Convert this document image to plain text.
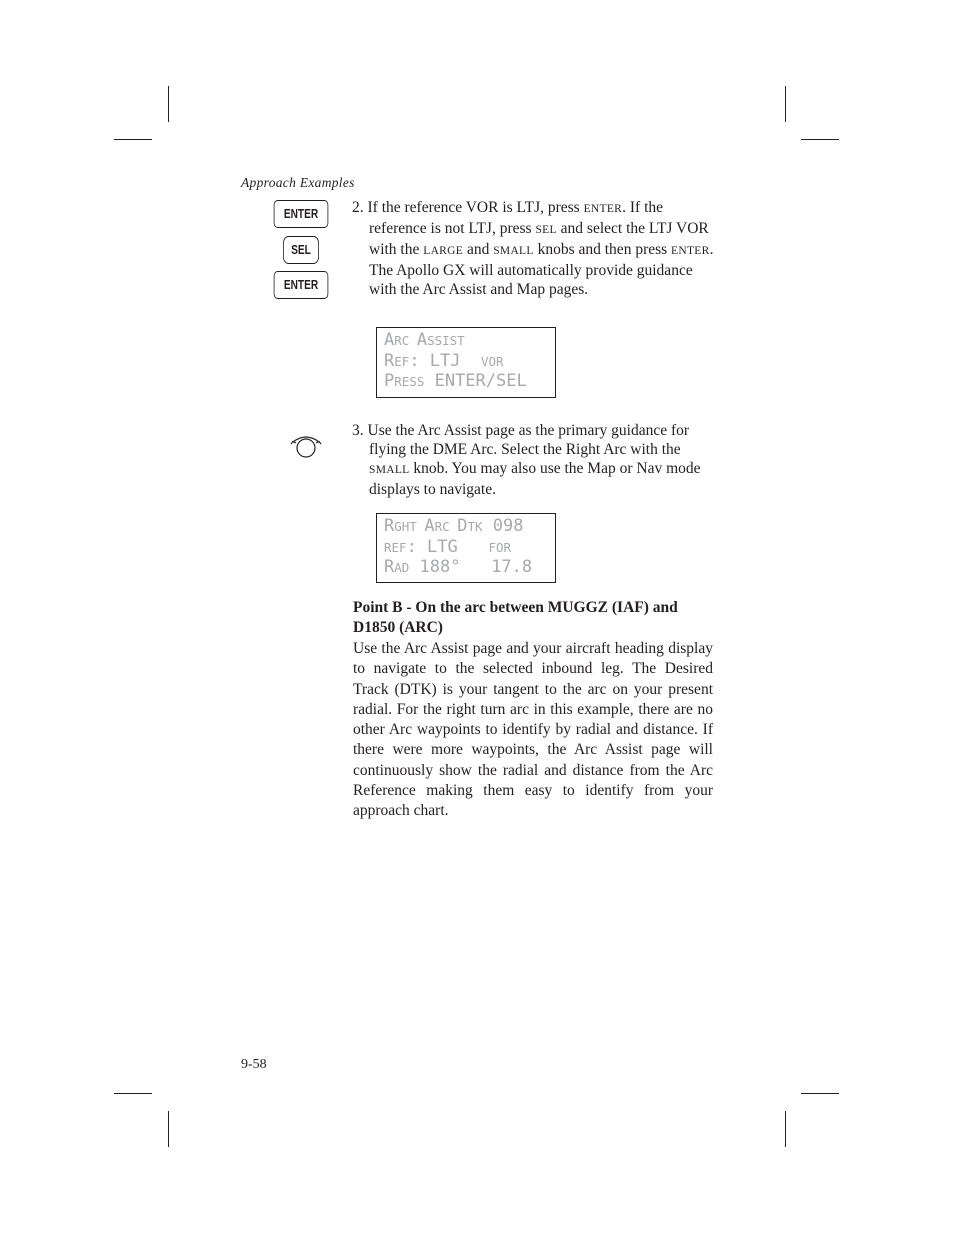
Approach Examples
ENTER
SEL
ENTER
2. If the reference VOR is LTJ, press ENTER. If the reference is not LTJ, press SEL and select the LTJ VOR with the LARGE and SMALL knobs and then press ENTER. The Apollo GX will automatically provide guidance with the Arc Assist and Map pages.
ARC ASSIST
REF: LTJ  VOR
PRESS ENTER/SEL
3. Use the Arc Assist page as the primary guidance for flying the DME Arc. Select the Right Arc with the SMALL knob. You may also use the Map or Nav mode displays to navigate.
RGHT ARC DTK 098
REF: LTG   FOR
RAD 188°   17.8
Point B - On the arc between MUGGZ (IAF) and D1850 (ARC)
Use the Arc Assist page and your aircraft heading display to navigate to the selected inbound leg. The Desired Track (DTK) is your tangent to the arc on your present radial. For the right turn arc in this example, there are no other Arc waypoints to identify by radial and distance. If there were more waypoints, the Arc Assist page will continuously show the radial and distance from the Arc Reference making them easy to identify from your approach chart.
9-58
